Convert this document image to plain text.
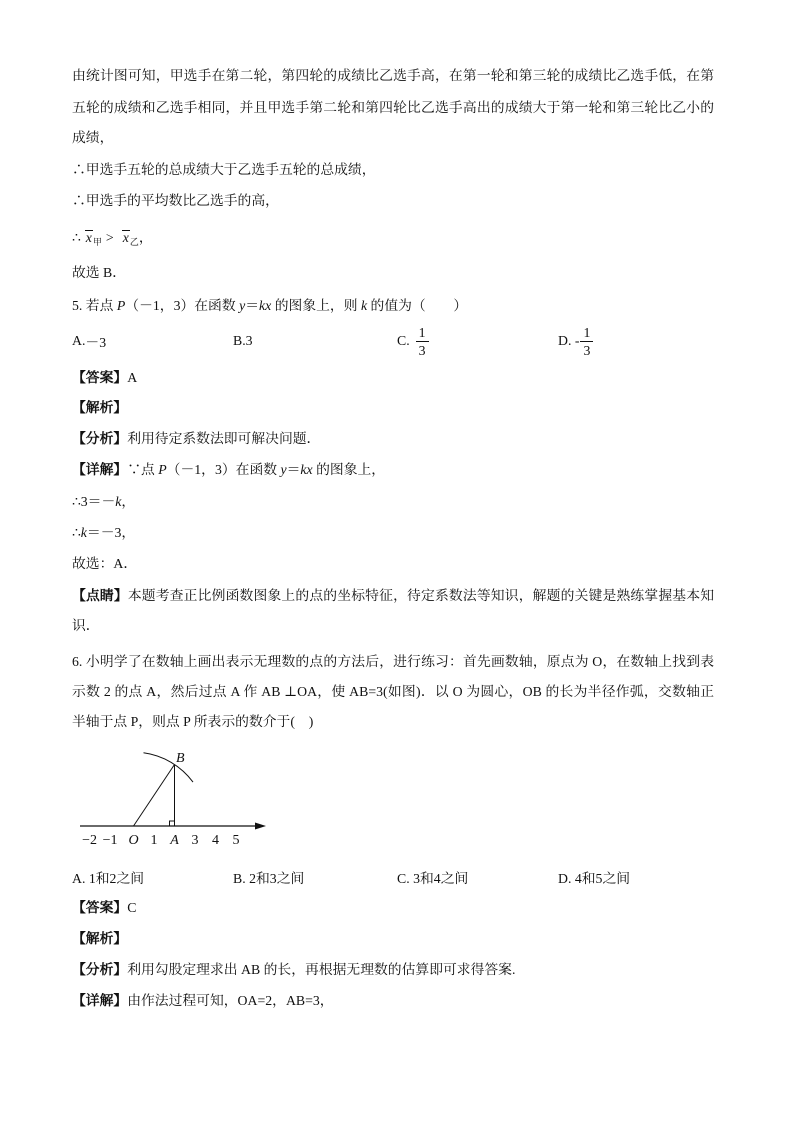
由统计图可知，甲选手在第二轮，第四轮的成绩比乙选手高，在第一轮和第三轮的成绩比乙选手低，在第
五轮的成绩和乙选手相同，并且甲选手第二轮和第四轮比乙选手高出的成绩大于第一轮和第三轮比乙小的
成绩，
∴甲选手五轮的总成绩大于乙选手五轮的总成绩，
∴甲选手的平均数比乙选手的高，
∴ $x_甲 > x_乙$，
故选 B．
5. 若点 P（－1，3）在函数 y＝kx 的图象上，则 k 的值为（　　）
A. －3	B. 3	C. $\frac{1}{3}$	D. - $\frac{1}{3}$
【答案】A
【解析】
【分析】利用待定系数法即可解决问题．
【详解】∵点 P（－1，3）在函数 y＝kx 的图象上，
∴3＝－k，
∴k＝－3，
故选：A．
【点睛】本题考查正比例函数图象上的点的坐标特征，待定系数法等知识，解题的关键是熟练掌握基本知
识．
6. 小明学了在数轴上画出表示无理数的点的方法后，进行练习：首先画数轴，原点为 O，在数轴上找到表
示数 2 的点 A，然后过点 A 作 AB ⊥OA，使 AB=3(如图)．以 O 为圆心，OB 的长为半径作弧，交数轴正
半轴于点 P，则点 P 所表示的数介于(　)
B
−2 −1 O 1 A 3 4 5
A. 1和2之间	B. 2和3之间	C. 3和4之间	D. 4和5之间
【答案】C
【解析】
【分析】利用勾股定理求出 AB 的长，再根据无理数的估算即可求得答案.
【详解】由作法过程可知，OA=2，AB=3，
